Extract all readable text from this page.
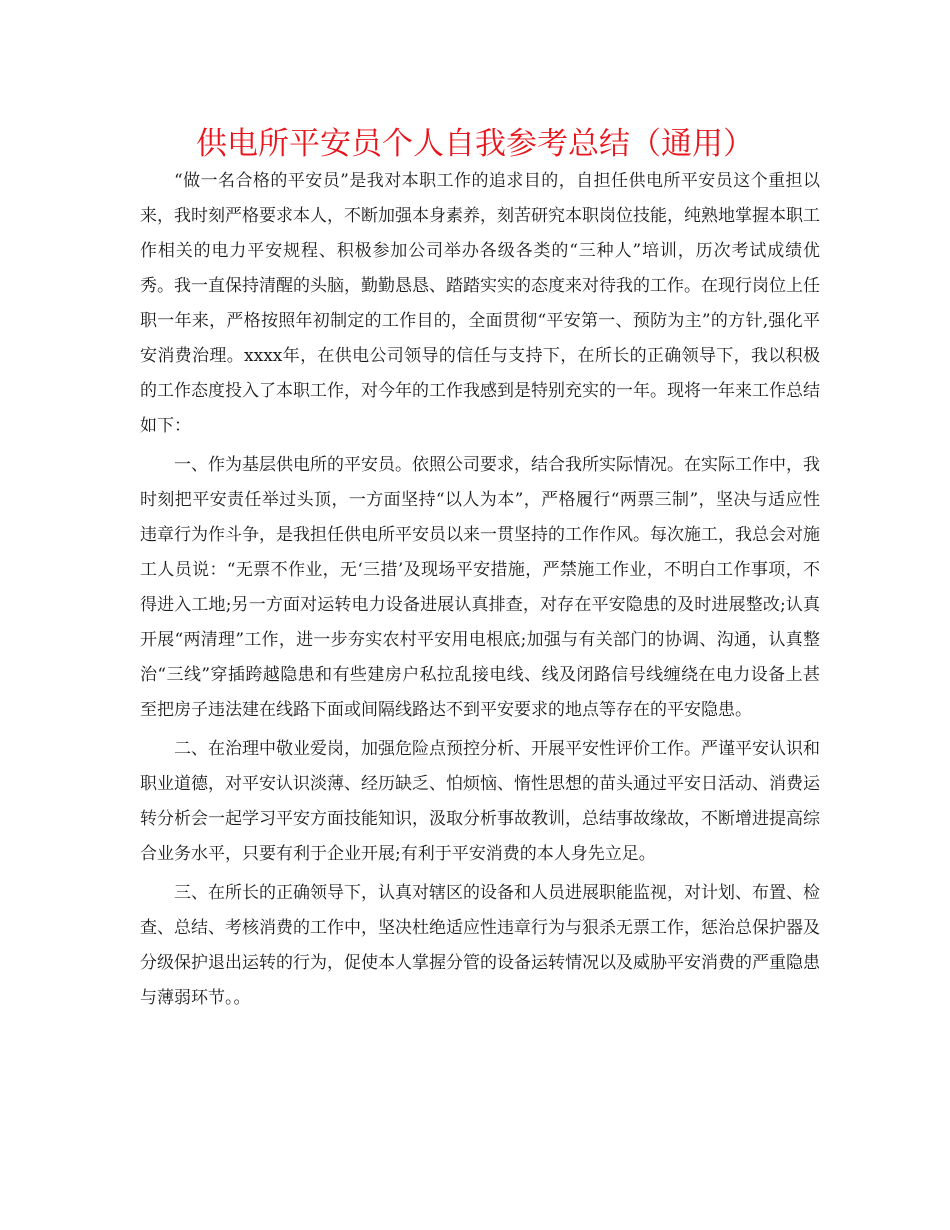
供电所平安员个人自我参考总结（通用）

“做一名合格的平安员”是我对本职工作的追求目的，自担任供电所平安员这个重担以来，我时刻严格要求本人，不断加强本身素养，刻苦研究本职岗位技能，纯熟地掌握本职工作相关的电力平安规程、积极参加公司举办各级各类的“三种人”培训，历次考试成绩优秀。我一直保持清醒的头脑，勤勤恳恳、踏踏实实的态度来对待我的工作。在现行岗位上任职一年来，严格按照年初制定的工作目的，全面贯彻“平安第一、预防为主”的方针,强化平安消费治理。xxxx年，在供电公司领导的信任与支持下，在所长的正确领导下，我以积极的工作态度投入了本职工作，对今年的工作我感到是特别充实的一年。现将一年来工作总结如下：

一、作为基层供电所的平安员。依照公司要求，结合我所实际情况。在实际工作中，我时刻把平安责任举过头顶，一方面坚持“以人为本”，严格履行“两票三制”，坚决与适应性违章行为作斗争，是我担任供电所平安员以来一贯坚持的工作作风。每次施工，我总会对施工人员说：“无票不作业，无‘三措’及现场平安措施，严禁施工作业，不明白工作事项，不得进入工地;另一方面对运转电力设备进展认真排查，对存在平安隐患的及时进展整改;认真开展“两清理”工作，进一步夯实农村平安用电根底;加强与有关部门的协调、沟通，认真整治“三线”穿插跨越隐患和有些建房户私拉乱接电线、线及闭路信号线缠绕在电力设备上甚至把房子违法建在线路下面或间隔线路达不到平安要求的地点等存在的平安隐患。

二、在治理中敬业爱岗，加强危险点预控分析、开展平安性评价工作。严谨平安认识和职业道德，对平安认识淡薄、经历缺乏、怕烦恼、惰性思想的苗头通过平安日活动、消费运转分析会一起学习平安方面技能知识，汲取分析事故教训，总结事故缘故，不断增进提高综合业务水平，只要有利于企业开展;有利于平安消费的本人身先立足。

三、在所长的正确领导下，认真对辖区的设备和人员进展职能监视，对计划、布置、检查、总结、考核消费的工作中，坚决杜绝适应性违章行为与狠杀无票工作，惩治总保护器及分级保护退出运转的行为，促使本人掌握分管的设备运转情况以及威胁平安消费的严重隐患与薄弱环节。。
